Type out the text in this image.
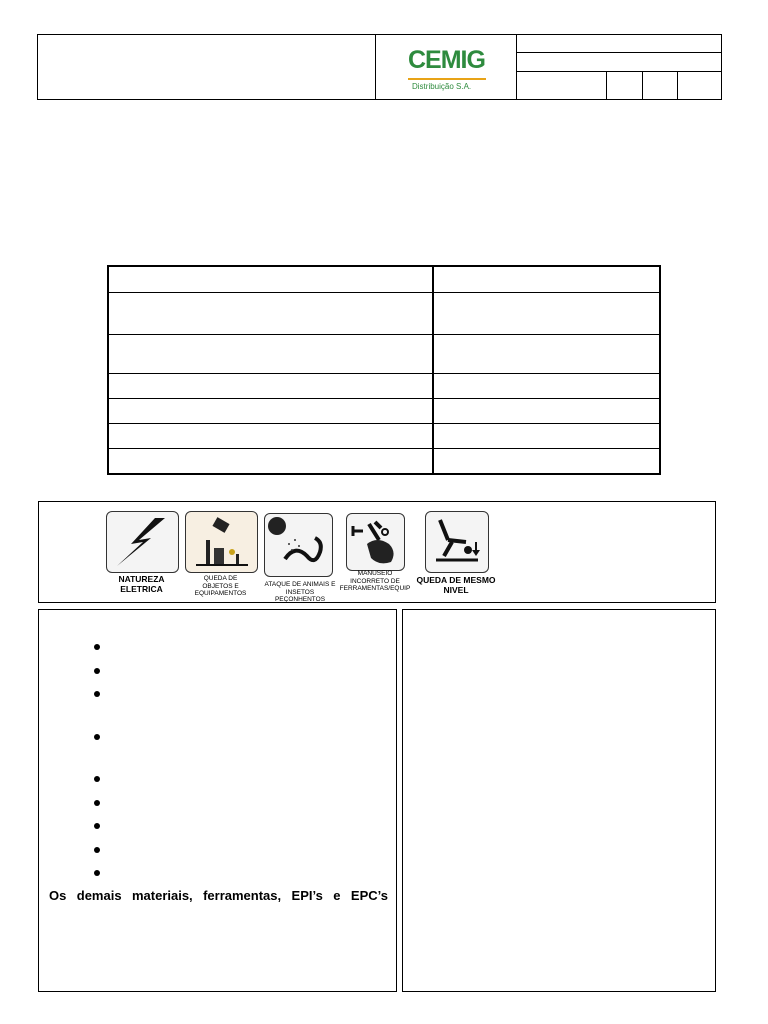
CEMIG
Distribuição S.A.
NATUREZA
ELETRICA
QUEDA DE
OBJETOS E
EQUIPAMENTOS
ATAQUE DE ANIMAIS E
INSETOS PEÇONHENTOS
MANUSEIO
INCORRETO DE
FERRAMENTAS/EQUIP
QUEDA DE MESMO
NIVEL
Os demais materiais, ferramentas, EPI’s e EPC’s
